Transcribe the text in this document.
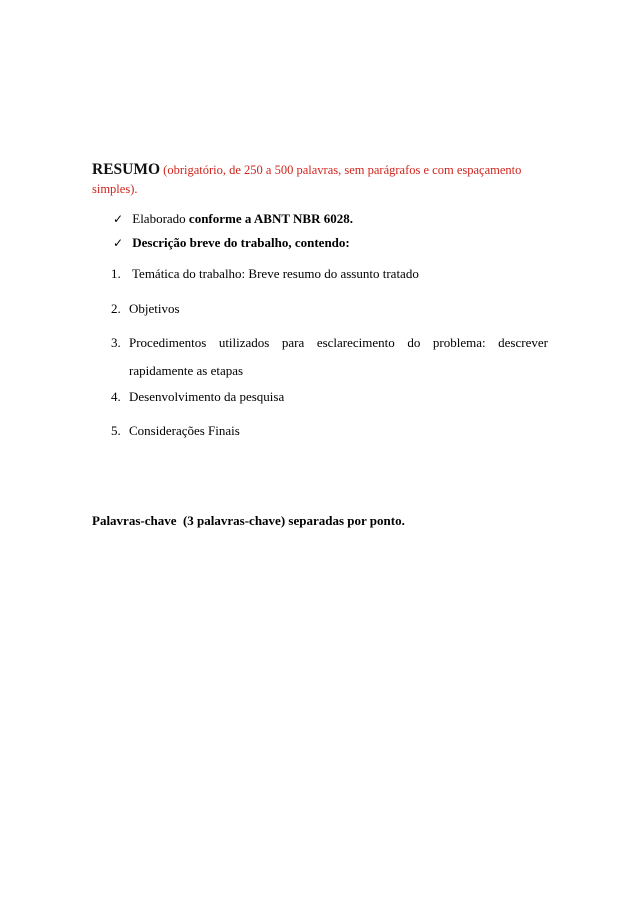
RESUMO (obrigatório, de 250 a 500 palavras, sem parágrafos e com espaçamento
simples).
✓ Elaborado conforme a ABNT NBR 6028.
✓ Descrição breve do trabalho, contendo:
1. Temática do trabalho: Breve resumo do assunto tratado
2. Objetivos
3. Procedimentos utilizados para esclarecimento do problema: descrever
rapidamente as etapas
4. Desenvolvimento da pesquisa
5. Considerações Finais
Palavras-chave  (3 palavras-chave) separadas por ponto.
